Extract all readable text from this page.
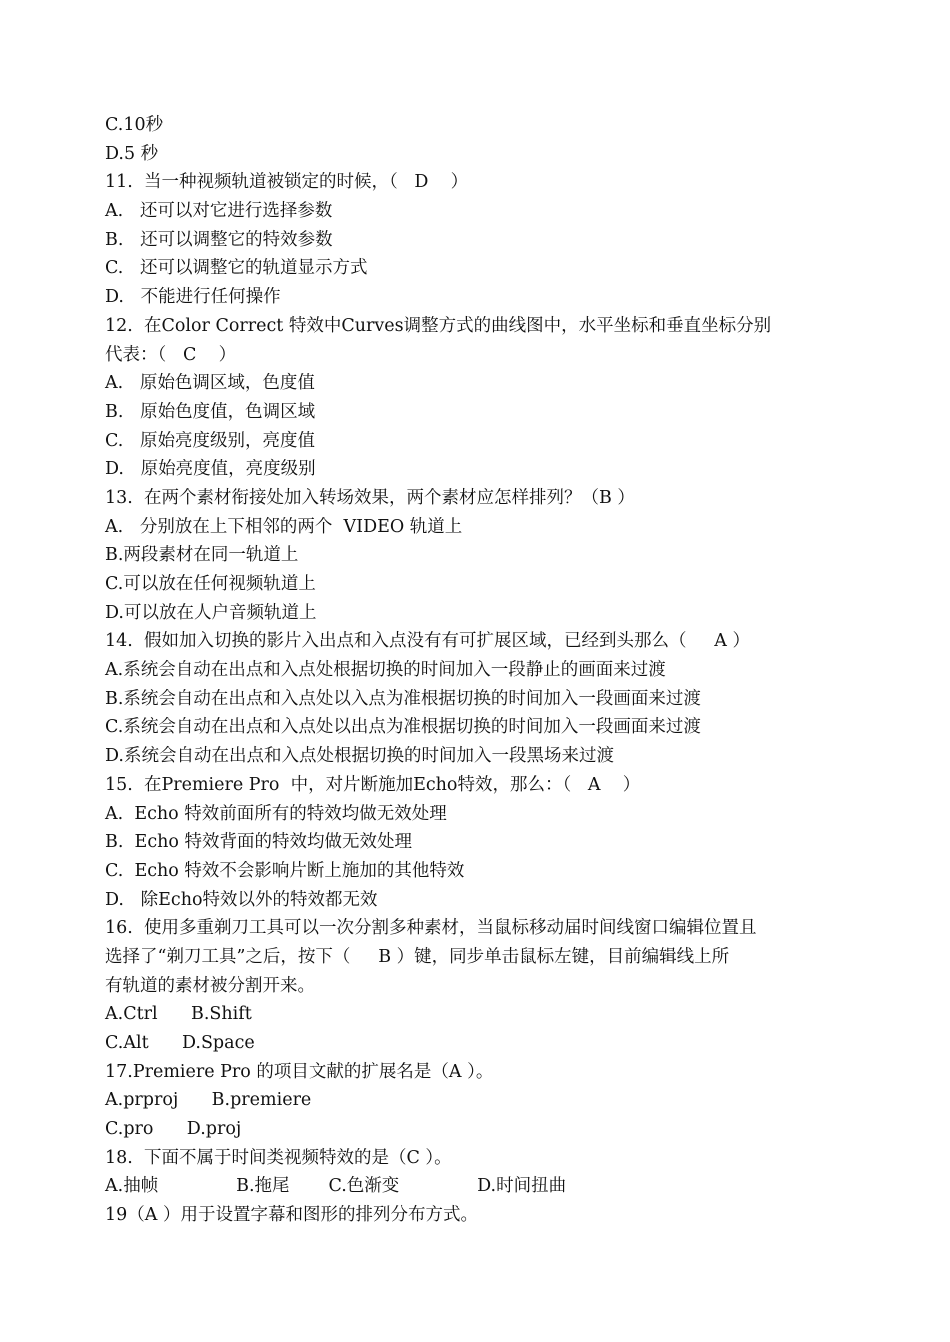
C.10秒
D.5 秒
11.  当一种视频轨道被锁定的时候，（   D    ）
A.   还可以对它进行选择参数
B.   还可以调整它的特效参数
C.   还可以调整它的轨道显示方式
D.   不能进行任何操作
12.  在Color Correct 特效中Curves调整方式的曲线图中，水平坐标和垂直坐标分别
代表：（   C    ）
A.   原始色调区域，色度值
B.   原始色度值，色调区域
C.   原始亮度级别，亮度值
D.   原始亮度值，亮度级别
13.  在两个素材衔接处加入转场效果，两个素材应怎样排列？（B ）
A.   分别放在上下相邻的两个  VIDEO 轨道上
B.两段素材在同一轨道上
C.可以放在任何视频轨道上
D.可以放在人户音频轨道上
14.  假如加入切换的影片入出点和入点没有有可扩展区域，已经到头那么（     A ）
A.系统会自动在出点和入点处根据切换的时间加入一段静止的画面来过渡
B.系统会自动在出点和入点处以入点为准根据切换的时间加入一段画面来过渡
C.系统会自动在出点和入点处以出点为准根据切换的时间加入一段画面来过渡
D.系统会自动在出点和入点处根据切换的时间加入一段黑场来过渡
15.  在Premiere Pro  中，对片断施加Echo特效，那么：（   A    ）
A.  Echo 特效前面所有的特效均做无效处理
B.  Echo 特效背面的特效均做无效处理
C.  Echo 特效不会影响片断上施加的其他特效
D.   除Echo特效以外的特效都无效
16.  使用多重剃刀工具可以一次分割多种素材，当鼠标移动届时间线窗口编辑位置且
选择了“剃刀工具”之后，按下（     B ）键，同步单击鼠标左键，目前编辑线上所
有轨道的素材被分割开来。
A.Ctrl      B.Shift
C.Alt      D.Space
17.Premiere Pro 的项目文献的扩展名是（A ）。
A.prproj      B.premiere
C.pro      D.proj
18.  下面不属于时间类视频特效的是（C ）。
A.抽帧              B.拖尾       C.色渐变              D.时间扭曲
19（A ）用于设置字幕和图形的排列分布方式。
